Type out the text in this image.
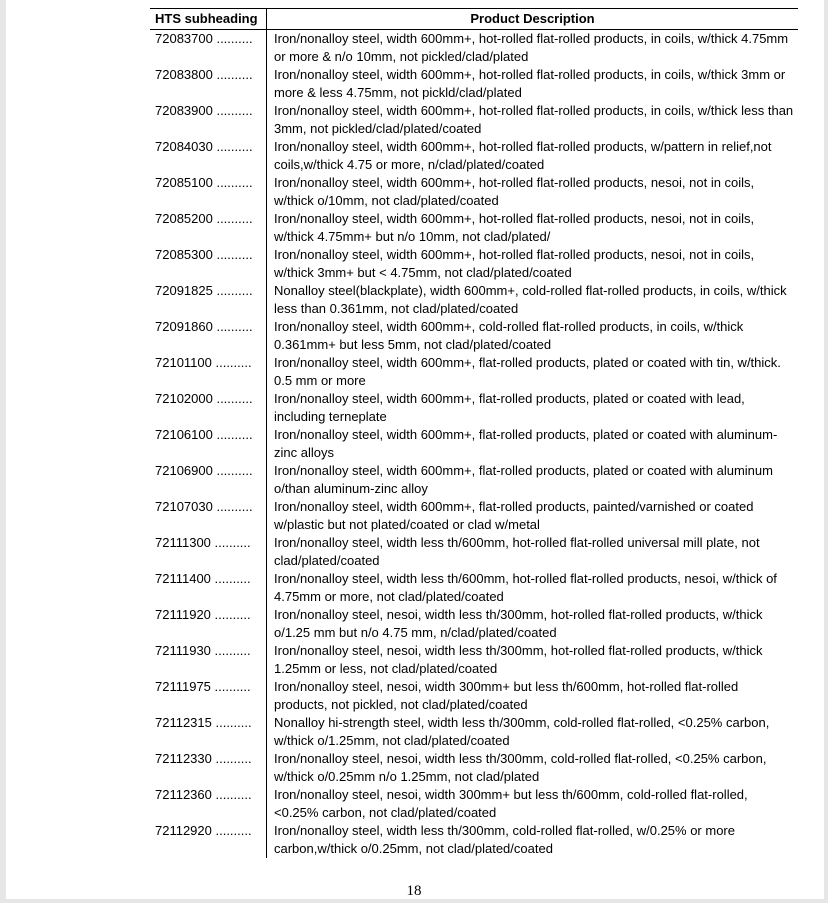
HTS subheading	Product Description
72083700 ..........	Iron/nonalloy steel, width 600mm+, hot-rolled flat-rolled products, in coils, w/thick 4.75mm or more & n/o 10mm, not pickled/clad/plated
72083800 ..........	Iron/nonalloy steel, width 600mm+, hot-rolled flat-rolled products, in coils, w/thick 3mm or more & less 4.75mm, not pickld/clad/plated
72083900 ..........	Iron/nonalloy steel, width 600mm+, hot-rolled flat-rolled products, in coils, w/thick less than 3mm, not pickled/clad/plated/coated
72084030 ..........	Iron/nonalloy steel, width 600mm+, hot-rolled flat-rolled products, w/pattern in relief,not coils,w/thick 4.75 or more, n/clad/plated/coated
72085100 ..........	Iron/nonalloy steel, width 600mm+, hot-rolled flat-rolled products, nesoi, not in coils, w/thick o/10mm, not clad/plated/coated
72085200 ..........	Iron/nonalloy steel, width 600mm+, hot-rolled flat-rolled products, nesoi, not in coils, w/thick 4.75mm+ but n/o 10mm, not clad/plated/
72085300 ..........	Iron/nonalloy steel, width 600mm+, hot-rolled flat-rolled products, nesoi, not in coils, w/thick 3mm+ but < 4.75mm, not clad/plated/coated
72091825 ..........	Nonalloy steel(blackplate), width 600mm+, cold-rolled flat-rolled products, in coils, w/thick less than 0.361mm, not clad/plated/coated
72091860 ..........	Iron/nonalloy steel, width 600mm+, cold-rolled flat-rolled products, in coils, w/thick 0.361mm+ but less 5mm, not clad/plated/coated
72101100 ..........	Iron/nonalloy steel, width 600mm+, flat-rolled products, plated or coated with tin, w/thick. 0.5 mm or more
72102000 ..........	Iron/nonalloy steel, width 600mm+, flat-rolled products, plated or coated with lead, including terneplate
72106100 ..........	Iron/nonalloy steel, width 600mm+, flat-rolled products, plated or coated with aluminum-zinc alloys
72106900 ..........	Iron/nonalloy steel, width 600mm+, flat-rolled products, plated or coated with aluminum o/than aluminum-zinc alloy
72107030 ..........	Iron/nonalloy steel, width 600mm+, flat-rolled products, painted/varnished or coated w/plastic but not plated/coated or clad w/metal
72111300 ..........	Iron/nonalloy steel, width less th/600mm, hot-rolled flat-rolled universal mill plate, not clad/plated/coated
72111400 ..........	Iron/nonalloy steel, width less th/600mm, hot-rolled flat-rolled products, nesoi, w/thick of 4.75mm or more, not clad/plated/coated
72111920 ..........	Iron/nonalloy steel, nesoi, width less th/300mm, hot-rolled flat-rolled products, w/thick o/1.25 mm but n/o 4.75 mm, n/clad/plated/coated
72111930 ..........	Iron/nonalloy steel, nesoi, width less th/300mm, hot-rolled flat-rolled products, w/thick 1.25mm or less, not clad/plated/coated
72111975 ..........	Iron/nonalloy steel, nesoi, width 300mm+ but less th/600mm, hot-rolled flat-rolled products, not pickled, not clad/plated/coated
72112315 ..........	Nonalloy hi-strength steel, width less th/300mm, cold-rolled flat-rolled, <0.25% carbon, w/thick o/1.25mm, not clad/plated/coated
72112330 ..........	Iron/nonalloy steel, nesoi, width less th/300mm, cold-rolled flat-rolled, <0.25% carbon, w/thick o/0.25mm n/o 1.25mm, not clad/plated
72112360 ..........	Iron/nonalloy steel, nesoi, width 300mm+ but less th/600mm, cold-rolled flat-rolled, <0.25% carbon, not clad/plated/coated
72112920 ..........	Iron/nonalloy steel, width less th/300mm, cold-rolled flat-rolled, w/0.25% or more carbon,w/thick o/0.25mm, not clad/plated/coated
18
